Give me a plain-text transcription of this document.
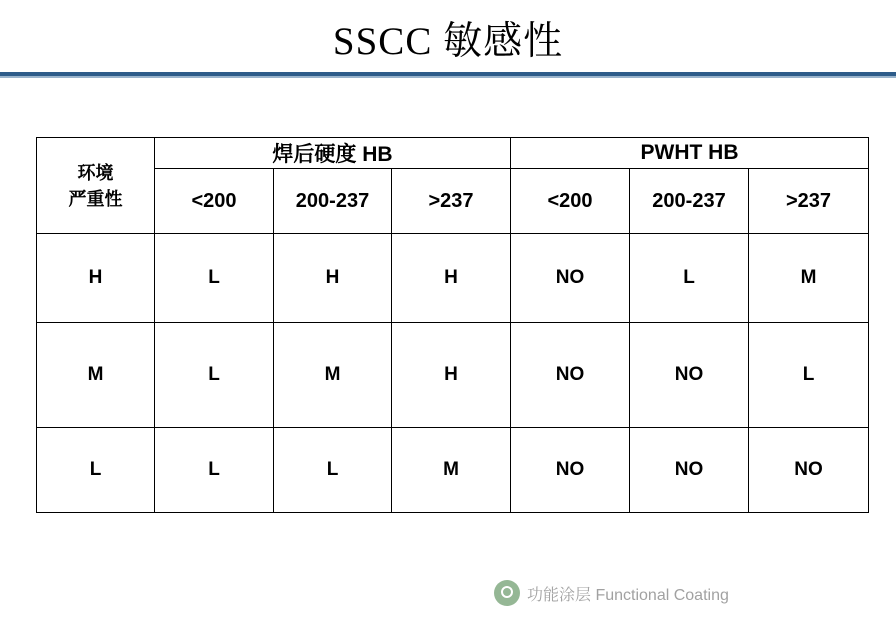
SSCC 敏感性
环境
严重性	焊后硬度 HB			PWHT HB		
	<200	200-237	>237	<200	200-237	>237
H	L	H	H	NO	L	M
M	L	M	H	NO	NO	L
L	L	L	M	NO	NO	NO
功能涂层 Functional Coating
